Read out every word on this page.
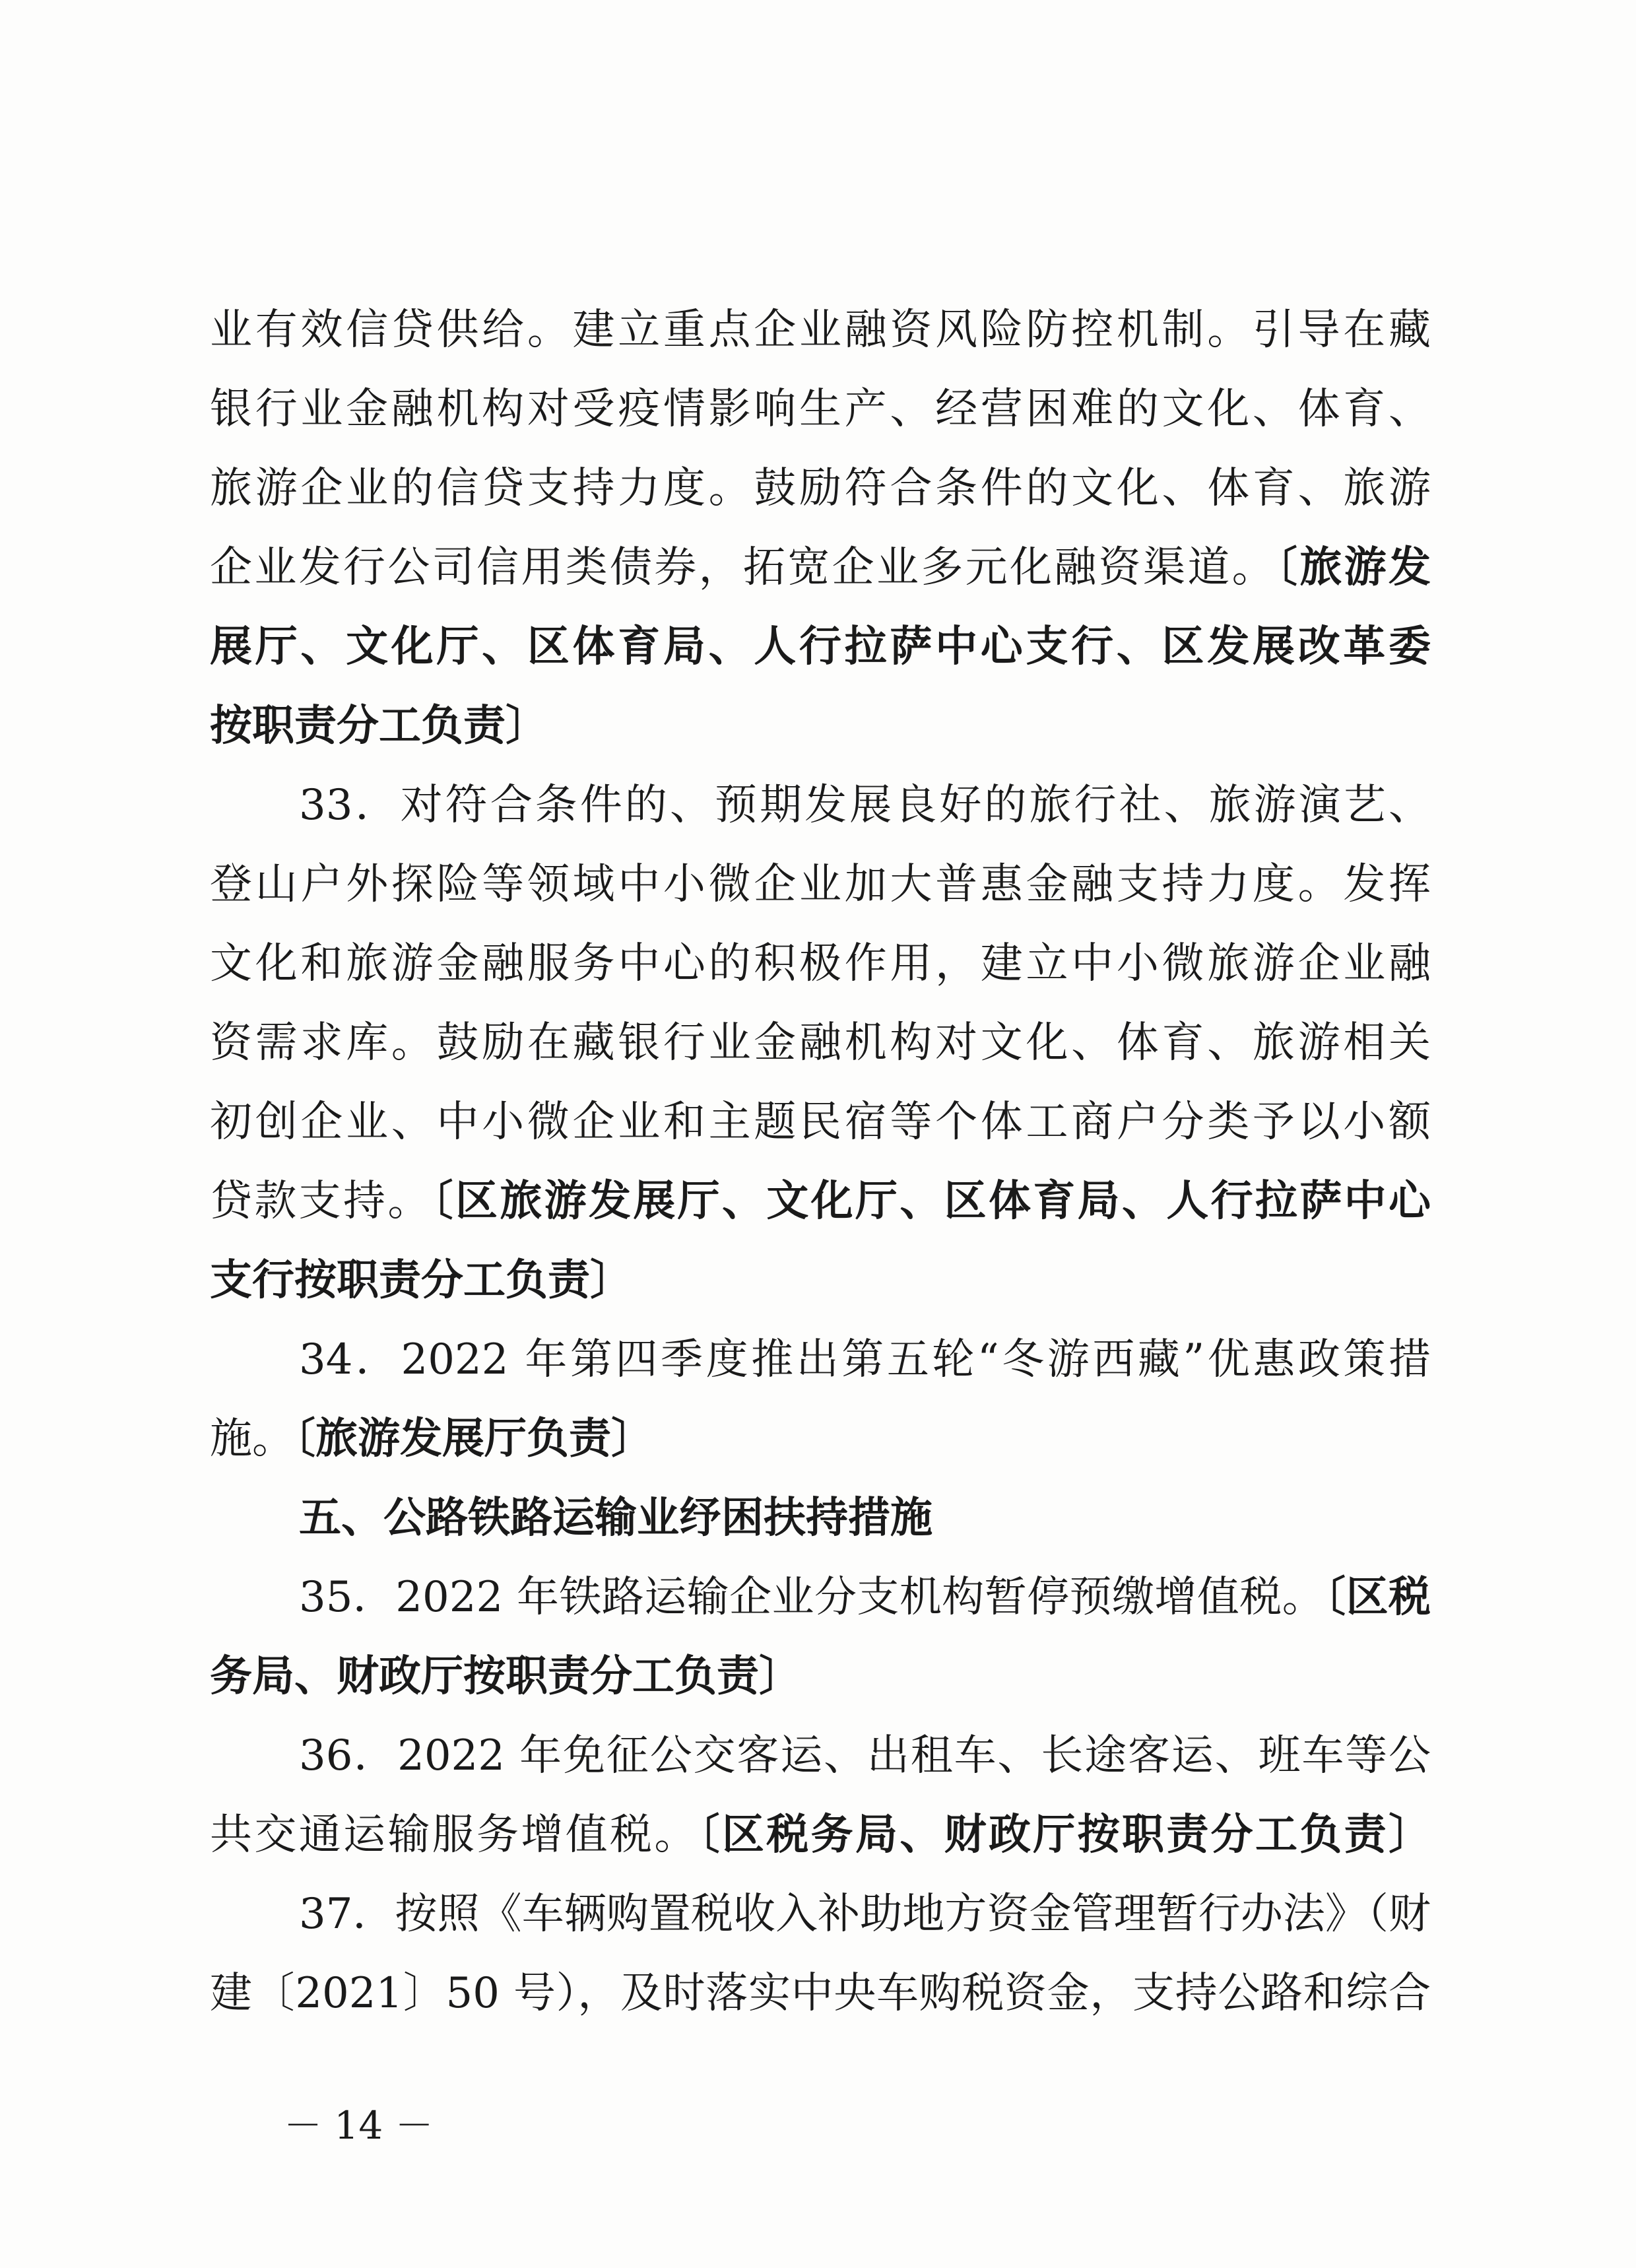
业有效信贷供给。建立重点企业融资风险防控机制。引导在藏
银行业金融机构对受疫情影响生产、经营困难的文化、体育、
旅游企业的信贷支持力度。鼓励符合条件的文化、体育、旅游
企业发行公司信用类债券，拓宽企业多元化融资渠道。〔旅游发
展厅、文化厅、区体育局、人行拉萨中心支行、区发展改革委
按职责分工负责〕
33．对符合条件的、预期发展良好的旅行社、旅游演艺、
登山户外探险等领域中小微企业加大普惠金融支持力度。发挥
文化和旅游金融服务中心的积极作用，建立中小微旅游企业融
资需求库。鼓励在藏银行业金融机构对文化、体育、旅游相关
初创企业、中小微企业和主题民宿等个体工商户分类予以小额
贷款支持。〔区旅游发展厅、文化厅、区体育局、人行拉萨中心
支行按职责分工负责〕
34．2022 年第四季度推出第五轮“冬游西藏”优惠政策措
施。〔旅游发展厅负责〕
五、公路铁路运输业纾困扶持措施
35．2022 年铁路运输企业分支机构暂停预缴增值税。〔区税
务局、财政厅按职责分工负责〕
36．2022 年免征公交客运、出租车、长途客运、班车等公
共交通运输服务增值税。〔区税务局、财政厅按职责分工负责〕
37．按照《车辆购置税收入补助地方资金管理暂行办法》（财
建〔2021〕50 号），及时落实中央车购税资金，支持公路和综合
－ 14 －
